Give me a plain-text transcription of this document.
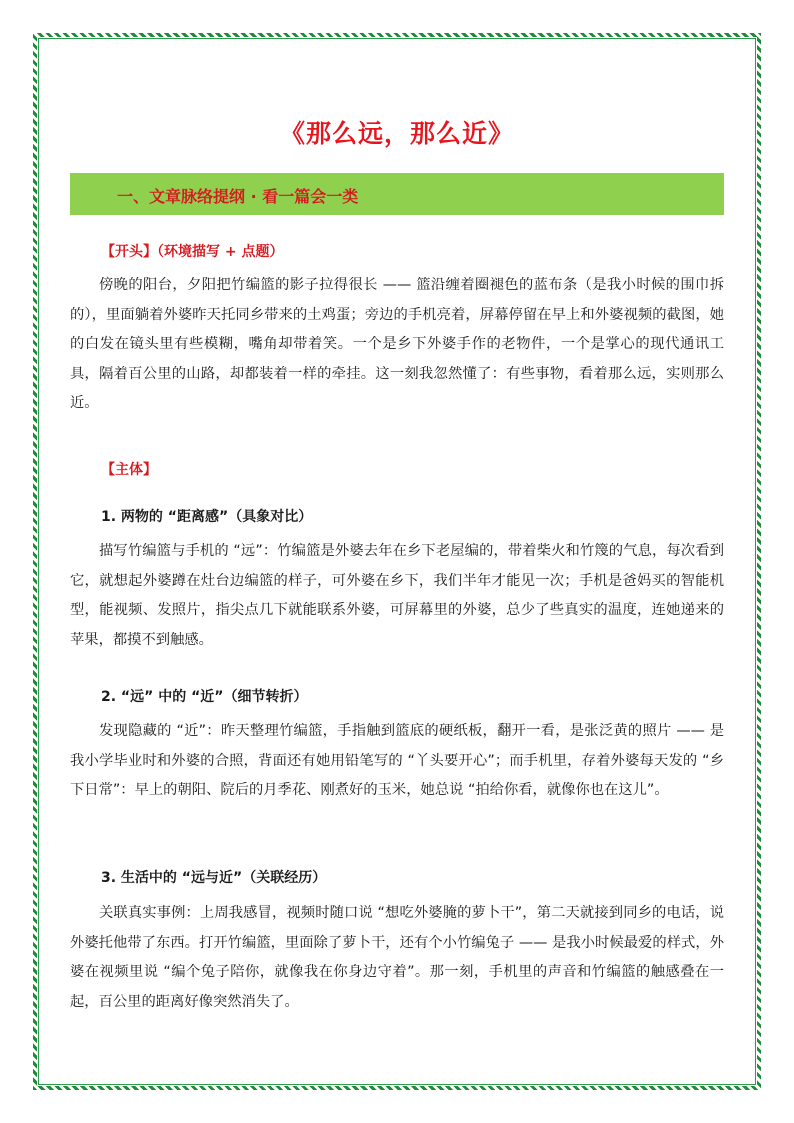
《那么远，那么近》
一、文章脉络提纲 · 看一篇会一类
【开头】（环境描写 + 点题）

傍晚的阳台，夕阳把竹编篮的影子拉得很长 —— 篮沿缠着圈褪色的蓝布条（是我小时候的围巾拆的），里面躺着外婆昨天托同乡带来的土鸡蛋；旁边的手机亮着，屏幕停留在早上和外婆视频的截图，她的白发在镜头里有些模糊，嘴角却带着笑。一个是乡下外婆手作的老物件，一个是掌心的现代通讯工具，隔着百公里的山路，却都装着一样的牵挂。这一刻我忽然懂了：有些事物，看着那么远，实则那么近。

【主体】
1. 两物的 “距离感”（具象对比）

描写竹编篮与手机的 “远”：竹编篮是外婆去年在乡下老屋编的，带着柴火和竹篾的气息，每次看到它，就想起外婆蹲在灶台边编篮的样子，可外婆在乡下，我们半年才能见一次；手机是爸妈买的智能机型，能视频、发照片，指尖点几下就能联系外婆，可屏幕里的外婆，总少了些真实的温度，连她递来的苹果，都摸不到触感。

2. “远” 中的 “近”（细节转折）

发现隐藏的 “近”：昨天整理竹编篮，手指触到篮底的硬纸板，翻开一看，是张泛黄的照片 —— 是我小学毕业时和外婆的合照，背面还有她用铅笔写的 “丫头要开心”；而手机里，存着外婆每天发的 “乡下日常”：早上的朝阳、院后的月季花、刚煮好的玉米，她总说 “拍给你看，就像你也在这儿”。

3. 生活中的 “远与近”（关联经历）

关联真实事例：上周我感冒，视频时随口说 “想吃外婆腌的萝卜干”，第二天就接到同乡的电话，说外婆托他带了东西。打开竹编篮，里面除了萝卜干，还有个小竹编兔子 —— 是我小时候最爱的样式，外婆在视频里说 “编个兔子陪你，就像我在你身边守着”。那一刻，手机里的声音和竹编篮的触感叠在一起，百公里的距离好像突然消失了。
